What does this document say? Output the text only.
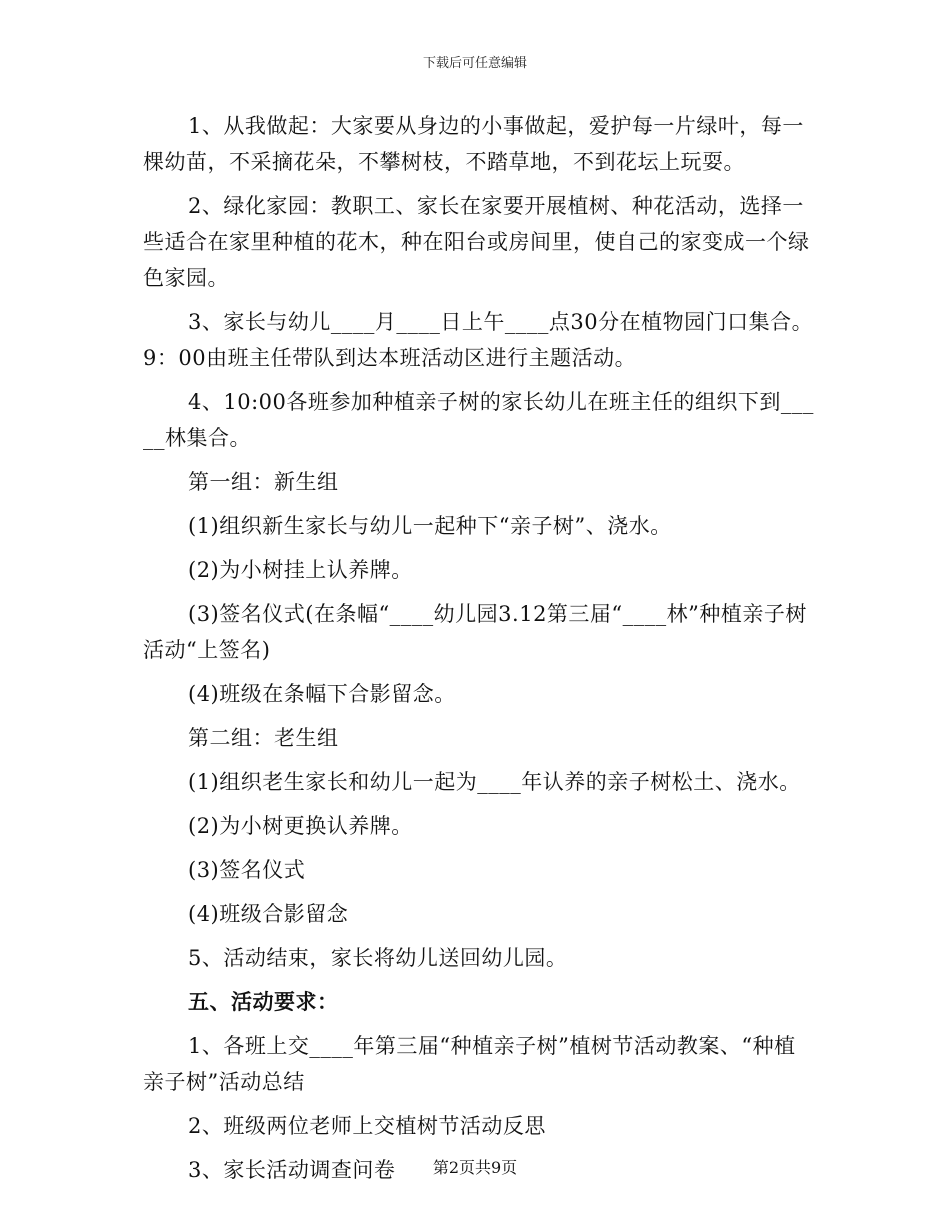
下载后可任意编辑

1、从我做起：大家要从身边的小事做起，爱护每一片绿叶，每一棵幼苗，不采摘花朵，不攀树枝，不踏草地，不到花坛上玩耍。

2、绿化家园：教职工、家长在家要开展植树、种花活动，选择一些适合在家里种植的花木，种在阳台或房间里，使自己的家变成一个绿色家园。

3、家长与幼儿____月____日上午____点30分在植物园门口集合。9：00由班主任带队到达本班活动区进行主题活动。

4、10:00各班参加种植亲子树的家长幼儿在班主任的组织下到_____林集合。

第一组：新生组

(1)组织新生家长与幼儿一起种下“亲子树”、浇水。

(2)为小树挂上认养牌。

(3)签名仪式(在条幅“____幼儿园3.12第三届“____林”种植亲子树活动“上签名)

(4)班级在条幅下合影留念。

第二组：老生组

(1)组织老生家长和幼儿一起为____年认养的亲子树松土、浇水。

(2)为小树更换认养牌。

(3)签名仪式

(4)班级合影留念

5、活动结束，家长将幼儿送回幼儿园。

五、活动要求：

1、各班上交____年第三届“种植亲子树”植树节活动教案、“种植亲子树”活动总结

2、班级两位老师上交植树节活动反思

3、家长活动调查问卷	第2页共9页
